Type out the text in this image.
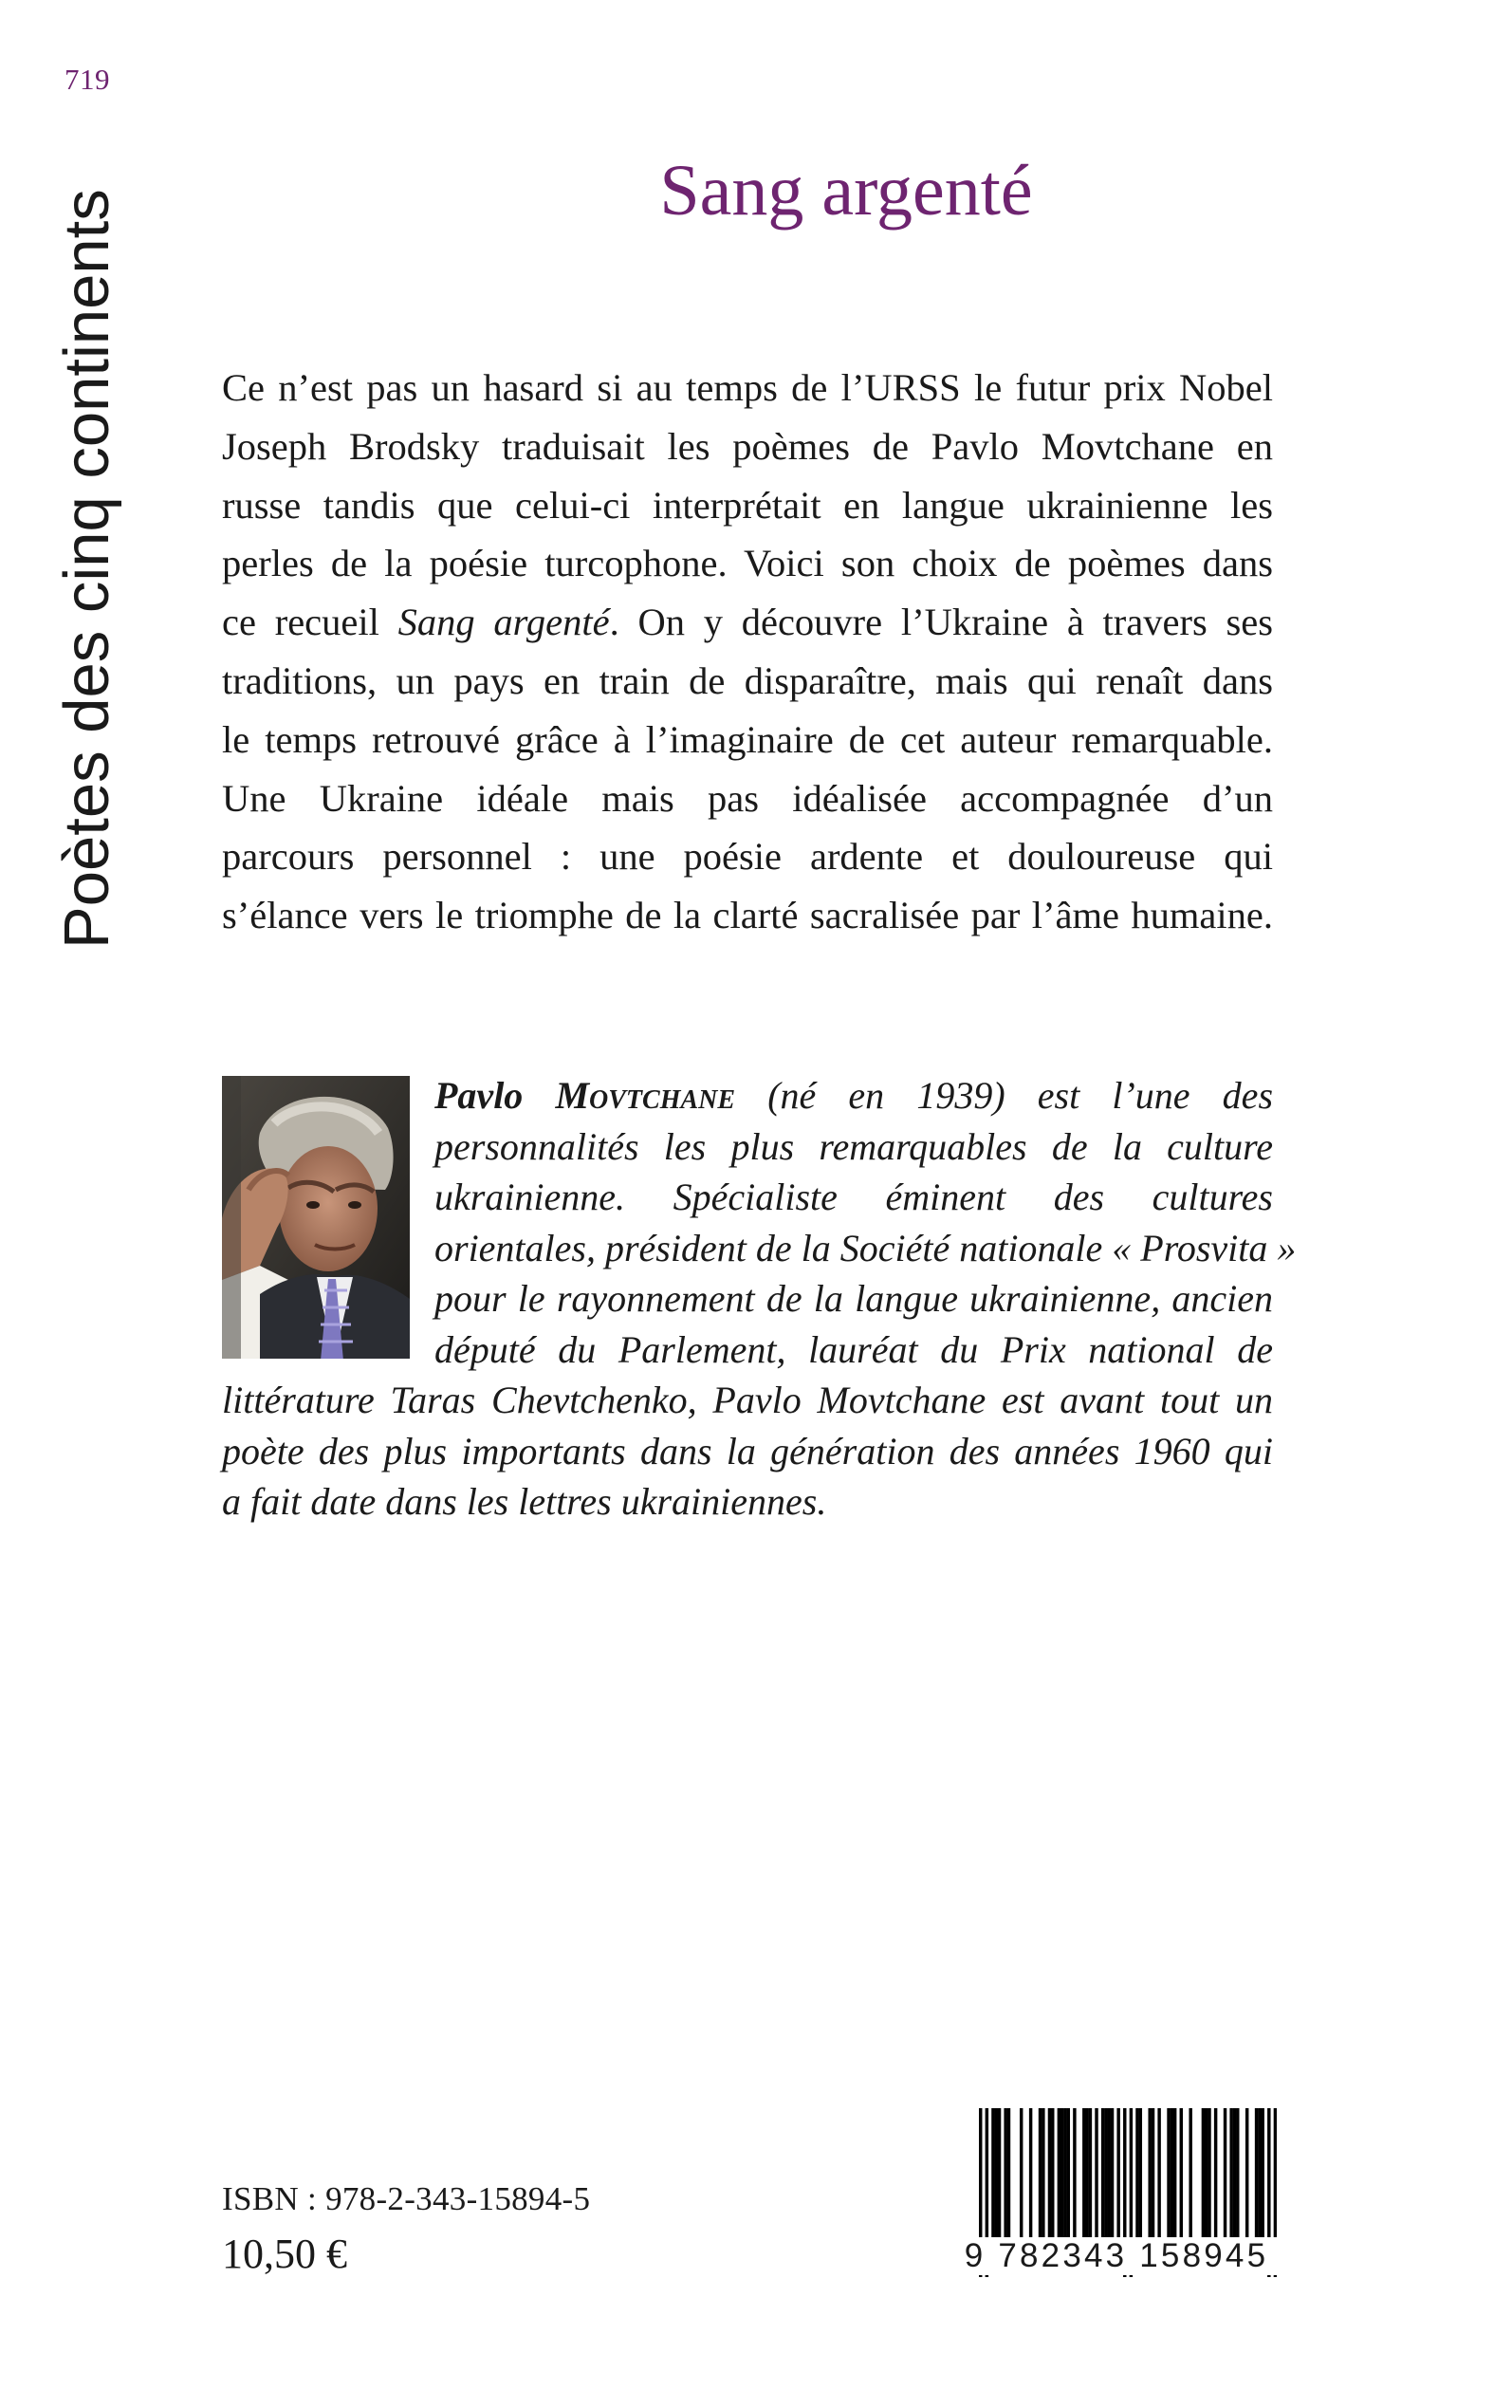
719
Poètes des cinq continents	Sang argenté
Ce n’est pas un hasard si au temps de l’URSS le futur prix Nobel
Joseph Brodsky traduisait les poèmes de Pavlo Movtchane en
russe tandis que celui-ci interprétait en langue ukrainienne les
perles de la poésie turcophone. Voici son choix de poèmes dans
ce recueil Sang argenté. On y découvre l’Ukraine à travers ses
traditions, un pays en train de disparaître, mais qui renaît dans
le temps retrouvé grâce à l’imaginaire de cet auteur remarquable.
Une Ukraine idéale mais pas idéalisée accompagnée d’un
parcours personnel : une poésie ardente et douloureuse qui
s’élance vers le triomphe de la clarté sacralisée par l’âme humaine.
Pavlo Movtchane (né en 1939) est l’une des
personnalités les plus remarquables de la culture
ukrainienne. Spécialiste éminent des cultures
orientales, président de la Société nationale « Prosvita »
pour le rayonnement de la langue ukrainienne, ancien
député du Parlement, lauréat du Prix national de
littérature Taras Chevtchenko, Pavlo Movtchane est avant tout un
poète des plus importants dans la génération des années 1960 qui
a fait date dans les lettres ukrainiennes.
ISBN : 978-2-343-15894-5
10,50 €	9 782343 158945
